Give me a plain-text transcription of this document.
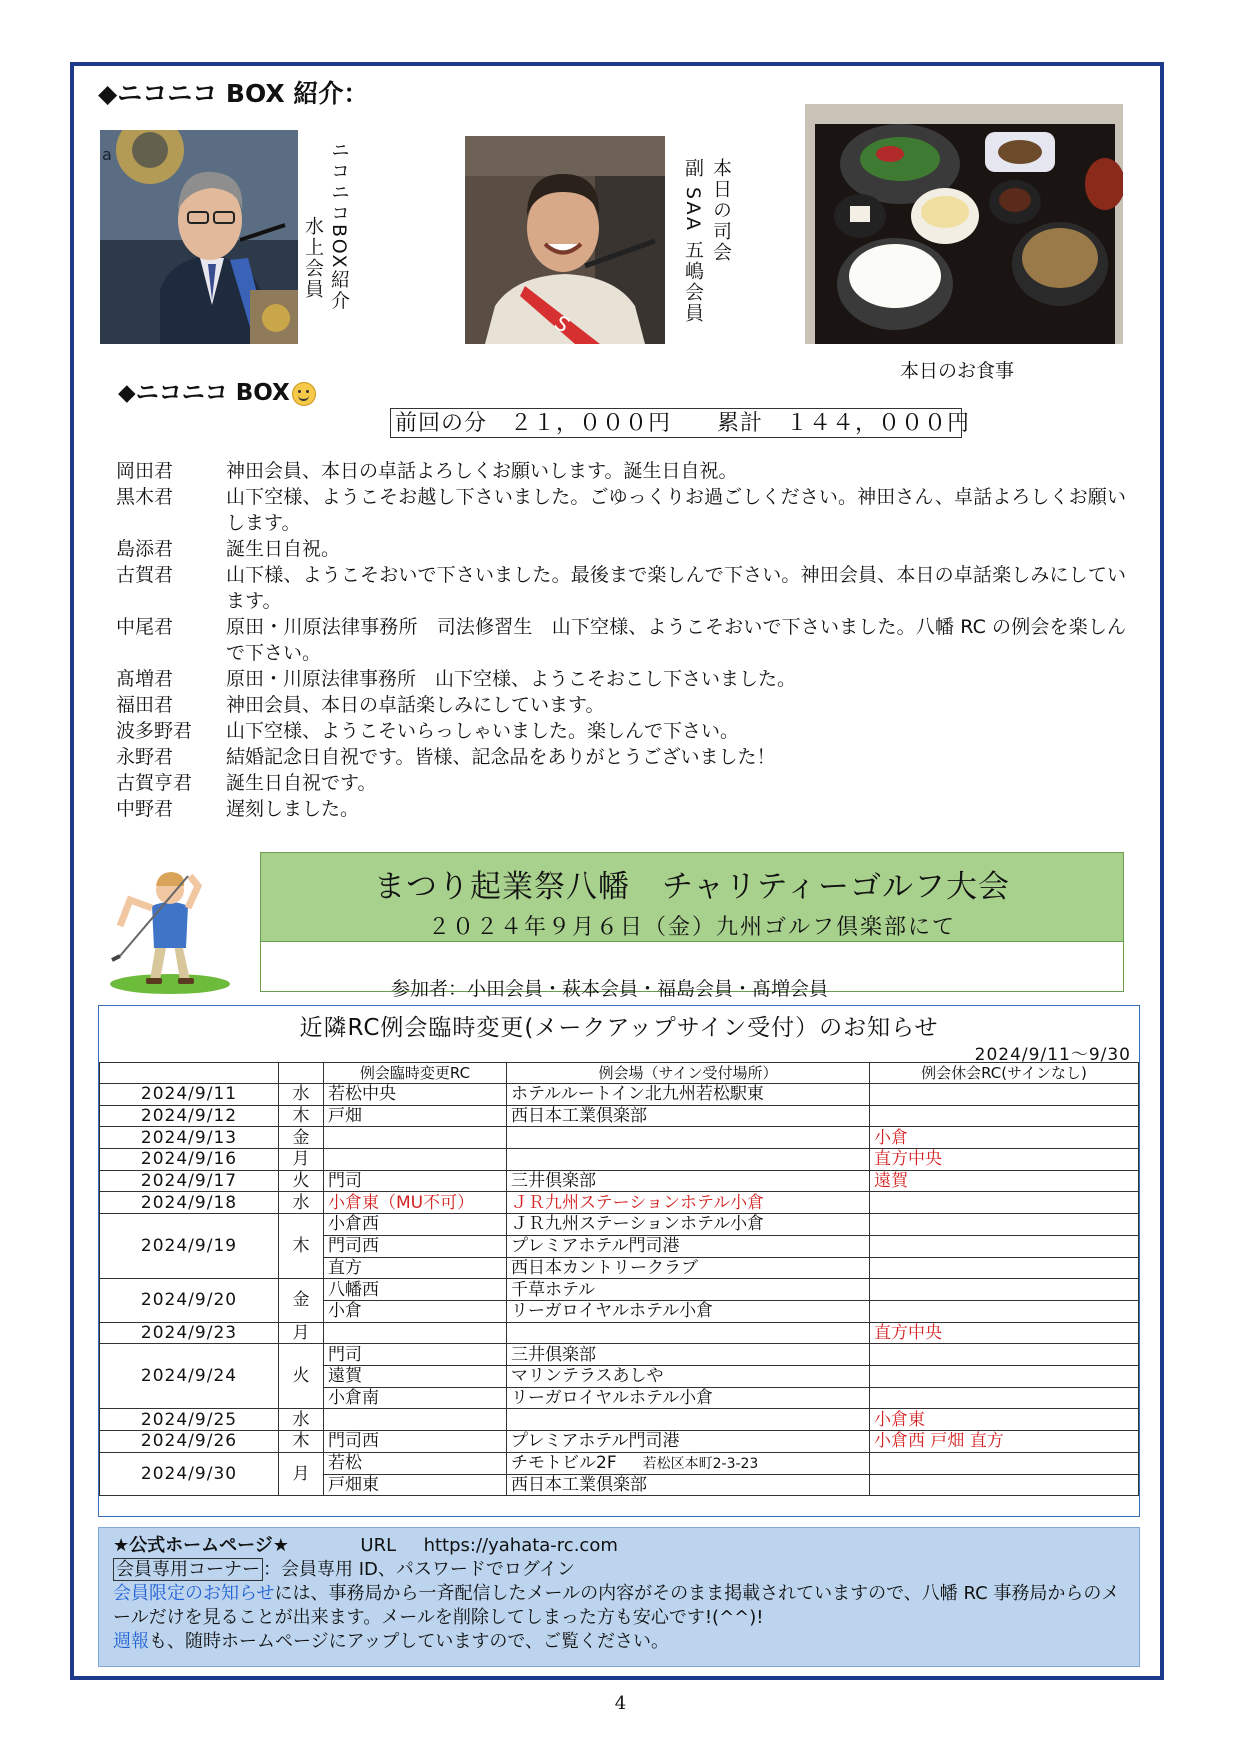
◆ニコニコ BOX 紹介：
a	ニコニコBOX紹介
水上会員
S
本日の司会
副 SAA 五嶋会員
本日のお食事
◆ニコニコ BOX
前回の分　２１，０００円　　累計　１４４，０００円
岡田君	神田会員、本日の卓話よろしくお願いします。誕生日自祝。
黒木君	山下空様、ようこそお越し下さいました。ごゆっくりお過ごしください。神田さん、卓話よろしくお願いします。
島添君	誕生日自祝。
古賀君	山下様、ようこそおいで下さいました。最後まで楽しんで下さい。神田会員、本日の卓話楽しみにしています。
中尾君	原田・川原法律事務所　司法修習生　山下空様、ようこそおいで下さいました。八幡 RC の例会を楽しんで下さい。
髙増君	原田・川原法律事務所　山下空様、ようこそおこし下さいました。
福田君	神田会員、本日の卓話楽しみにしています。
波多野君	山下空様、ようこそいらっしゃいました。楽しんで下さい。
永野君	結婚記念日自祝です。皆様、記念品をありがとうございました！
古賀亨君	誕生日自祝です。
中野君	遅刻しました。
まつり起業祭八幡　チャリティーゴルフ大会
２０２４年９月６日（金）九州ゴルフ倶楽部にて
参加者：小田会員・萩本会員・福島会員・髙増会員
近隣RC例会臨時変更(メークアップサイン受付）のお知らせ
2024/9/11～9/30
		例会臨時変更RC	例会場（サイン受付場所）	例会休会RC(サインなし)
2024/9/11	水	若松中央	ホテルルートイン北九州若松駅東	
2024/9/12	木	戸畑	西日本工業倶楽部	
2024/9/13	金			小倉
2024/9/16	月			直方中央
2024/9/17	火	門司	三井倶楽部	遠賀
2024/9/18	水	小倉東（MU不可）	ＪＲ九州ステーションホテル小倉	
2024/9/19	木	小倉西	ＪＲ九州ステーションホテル小倉	
		門司西	プレミアホテル門司港	
		直方	西日本カントリークラブ	
2024/9/20	金	八幡西	千草ホテル	
		小倉	リーガロイヤルホテル小倉	
2024/9/23	月			直方中央
2024/9/24	火	門司	三井倶楽部	
		遠賀	マリンテラスあしや	
		小倉南	リーガロイヤルホテル小倉	
2024/9/25	水			小倉東
2024/9/26	木	門司西	プレミアホテル門司港	小倉西 戸畑 直方
2024/9/30	月	若松	チモトビル2F 若松区本町2-3-23	
		戸畑東	西日本工業倶楽部	
★公式ホームページ★	URL https://yahata-rc.com
会員専用コーナー ：会員専用 ID、パスワードでログイン
会員限定のお知らせには、事務局から一斉配信したメールの内容がそのまま掲載されていますので、八幡 RC 事務局からのメールだけを見ることが出来ます。メールを削除してしまった方も安心です!(^^)!
週報も、随時ホームページにアップしていますので、ご覧ください。
4
